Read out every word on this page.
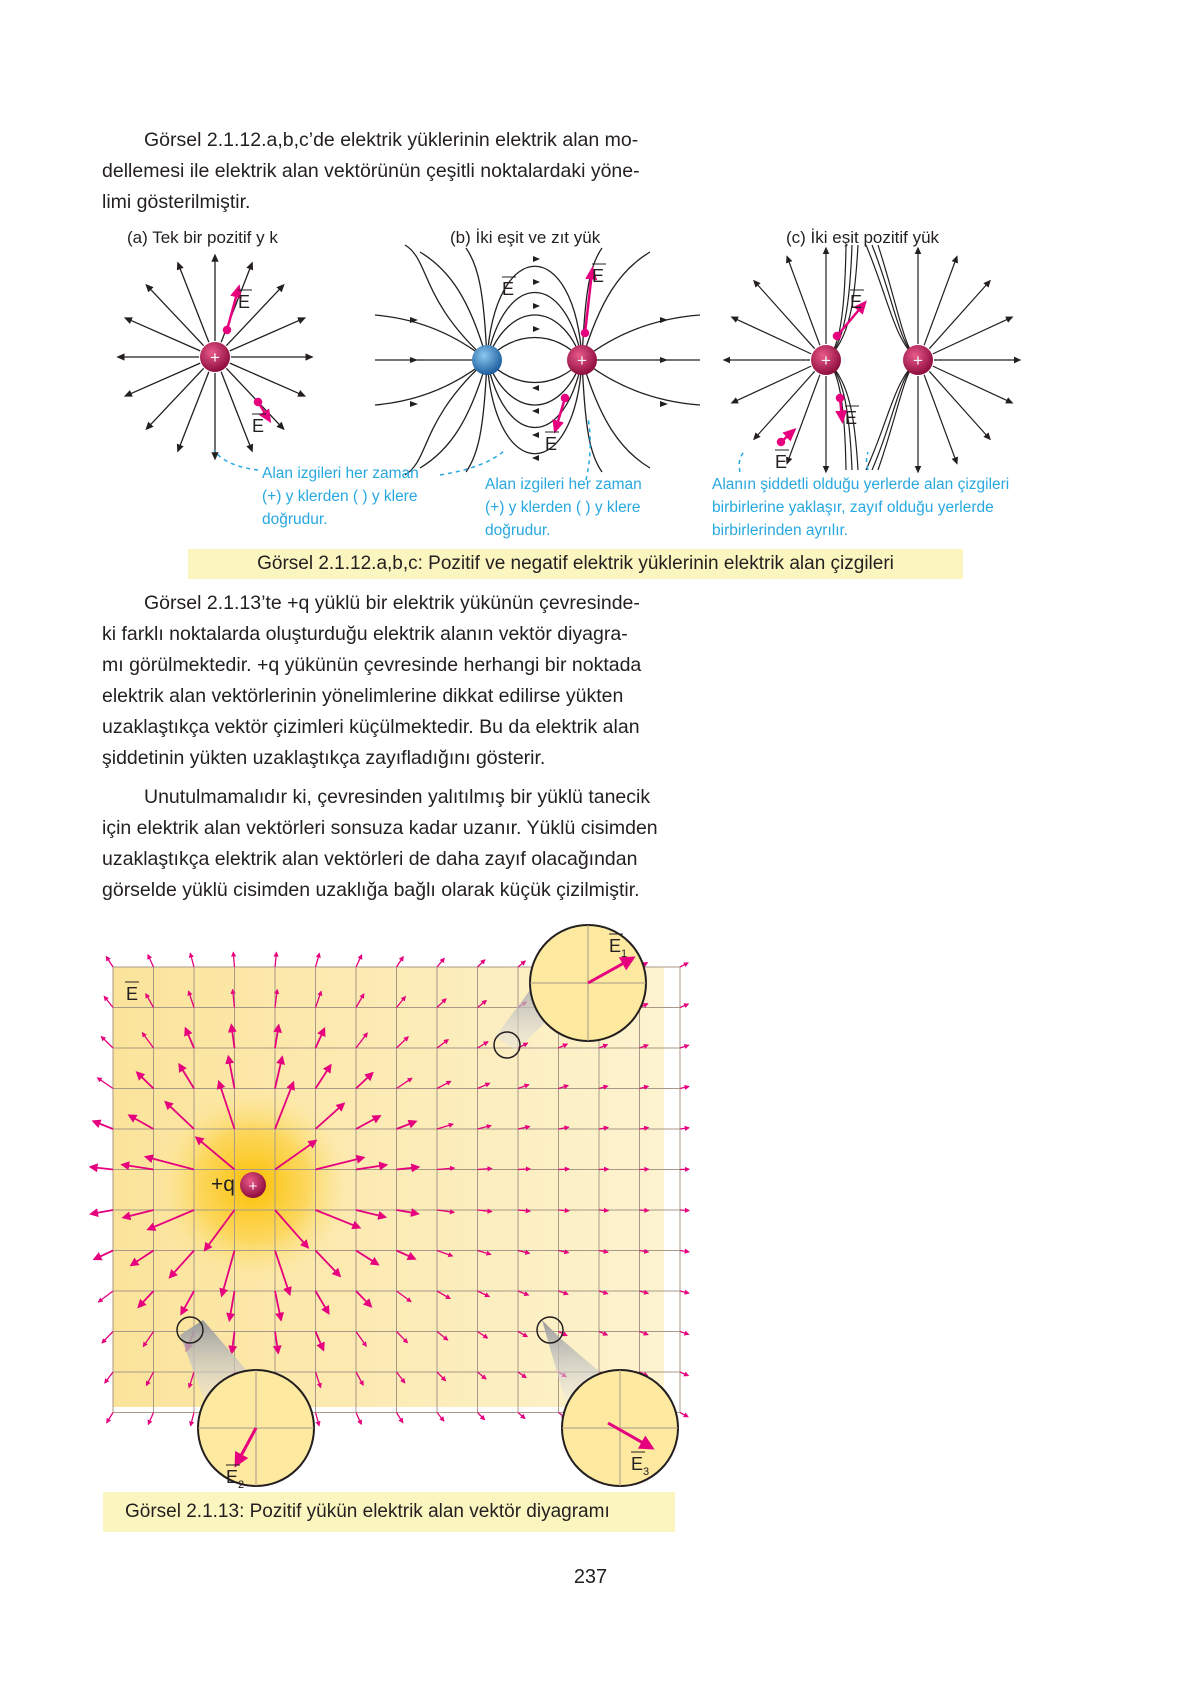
Görsel 2.1.12.a,b,c’de elektrik yüklerinin elektrik alan mo-
dellemesi ile elektrik alan vektörünün çeşitli noktalardaki yöne-
limi gösterilmiştir.
(a) Tek bir pozitif y k	(b) İki eşit ve zıt yük	(c) İki eşit pozitif yük
+	+	+	+
E
E
E
E
E
E
E
E
Alan izgileri her zaman
(+) y klerden ( ) y klere
doğrudur.
Alan izgileri her zaman
(+) y klerden ( ) y klere
doğrudur.
Alanın şiddetli olduğu yerlerde alan çizgileri
birbirlerine yaklaşır, zayıf olduğu yerlerde
birbirlerinden ayrılır.
Görsel 2.1.12.a,b,c: Pozitif ve negatif elektrik yüklerinin elektrik alan çizgileri
Görsel 2.1.13’te +q yüklü bir elektrik yükünün çevresinde-
ki farklı noktalarda oluşturduğu elektrik alanın vektör diyagra-
mı görülmektedir. +q yükünün çevresinde herhangi bir noktada
elektrik alan vektörlerinin yönelimlerine dikkat edilirse yükten
uzaklaştıkça vektör çizimleri küçülmektedir. Bu da elektrik alan
şiddetinin yükten uzaklaştıkça zayıfladığını gösterir.
Unutulmamalıdır ki, çevresinden yalıtılmış bir yüklü tanecik
için elektrik alan vektörleri sonsuza kadar uzanır. Yüklü cisimden
uzaklaştıkça elektrik alan vektörleri de daha zayıf olacağından
görselde yüklü cisimden uzaklığa bağlı olarak küçük çizilmiştir.
+
+q
E
E 1
E 2
E 3
Görsel 2.1.13: Pozitif yükün elektrik alan vektör diyagramı
237
